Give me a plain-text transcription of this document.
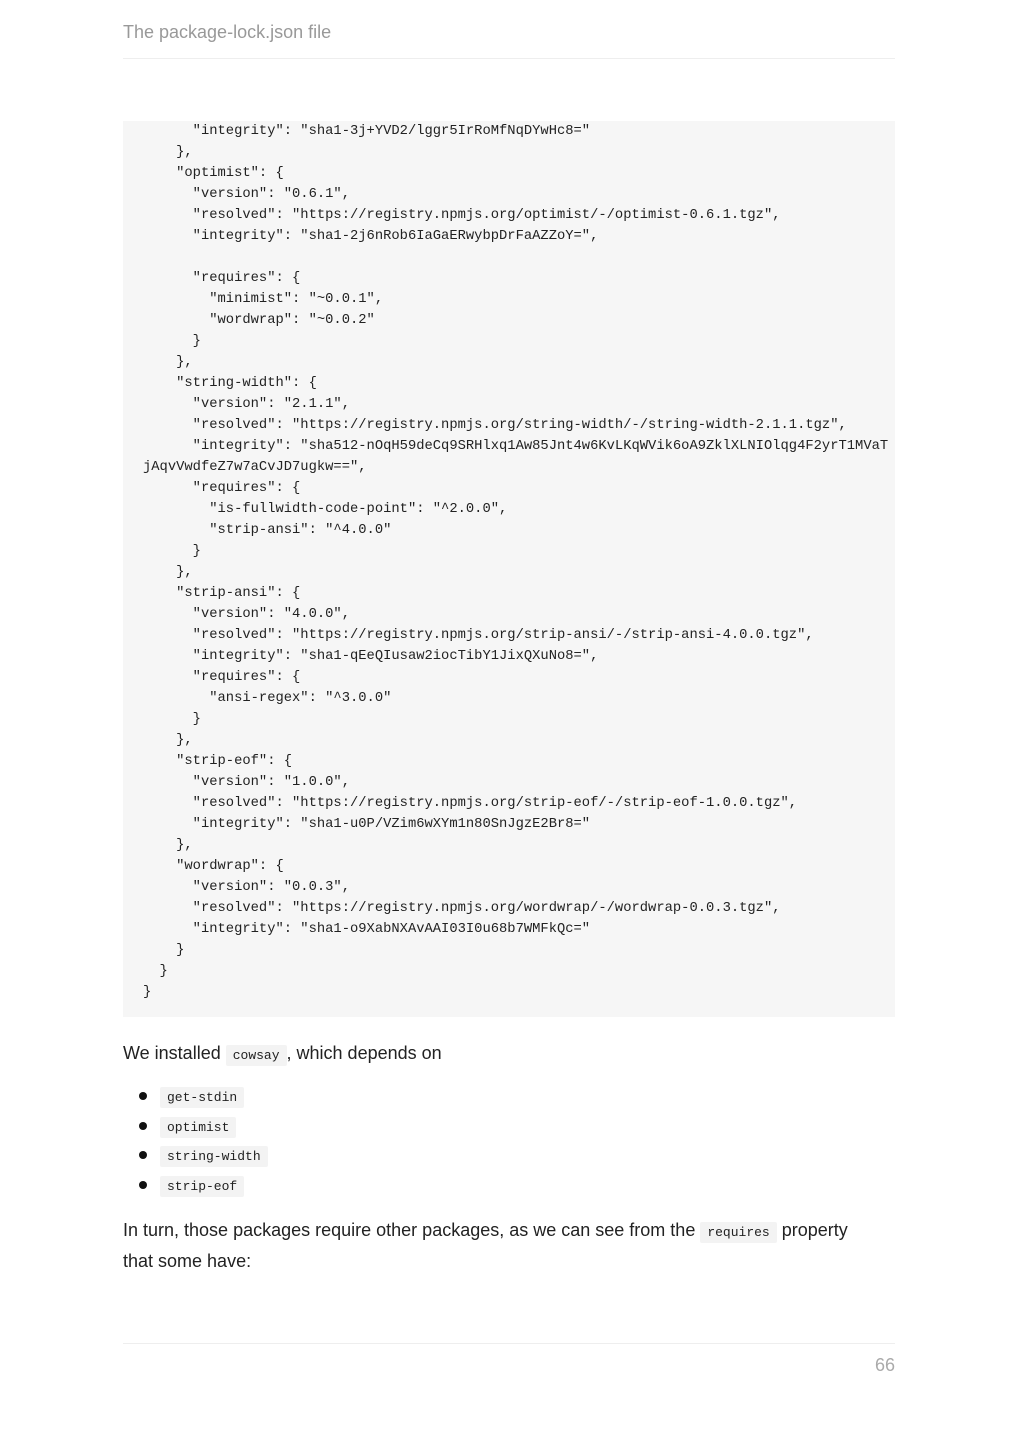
The package-lock.json file
"integrity": "sha1-3j+YVD2/lggr5IrRoMfNqDYwHc8="
},
"optimist": {
"version": "0.6.1",
"resolved": "https://registry.npmjs.org/optimist/-/optimist-0.6.1.tgz",
"integrity": "sha1-2j6nRob6IaGaERwybpDrFaAZZoY=",
"requires": {
"minimist": "~0.0.1",
"wordwrap": "~0.0.2"
}
},
"string-width": {
"version": "2.1.1",
"resolved": "https://registry.npmjs.org/string-width/-/string-width-2.1.1.tgz",
"integrity": "sha512-nOqH59deCq9SRHlxq1Aw85Jnt4w6KvLKqWVik6oA9ZklXLNIOlqg4F2yrT1MVaT
jAqvVwdfeZ7w7aCvJD7ugkw==",
"requires": {
"is-fullwidth-code-point": "^2.0.0",
"strip-ansi": "^4.0.0"
}
},
"strip-ansi": {
"version": "4.0.0",
"resolved": "https://registry.npmjs.org/strip-ansi/-/strip-ansi-4.0.0.tgz",
"integrity": "sha1-qEeQIusaw2iocTibY1JixQXuNo8=",
"requires": {
"ansi-regex": "^3.0.0"
}
},
"strip-eof": {
"version": "1.0.0",
"resolved": "https://registry.npmjs.org/strip-eof/-/strip-eof-1.0.0.tgz",
"integrity": "sha1-u0P/VZim6wXYm1n80SnJgzE2Br8="
},
"wordwrap": {
"version": "0.0.3",
"resolved": "https://registry.npmjs.org/wordwrap/-/wordwrap-0.0.3.tgz",
"integrity": "sha1-o9XabNXAvAAI03I0u68b7WMFkQc="
}
}
}
We installed cowsay , which depends on
get-stdin
optimist
string-width
strip-eof
In turn, those packages require other packages, as we can see from the requires property
that some have:
66
